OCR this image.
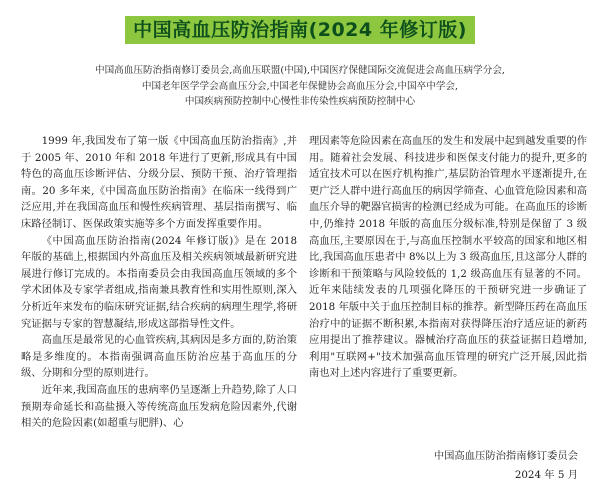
中国高血压防治指南(2024 年修订版)
中国高血压防治指南修订委员会,高血压联盟(中国),中国医疗保健国际交流促进会高血压病学分会,
中国老年医学学会高血压分会,中国老年保健协会高血压分会,中国卒中学会,
中国疾病预防控制中心慢性非传染性疾病预防控制中心

1999 年,我国发布了第一版《中国高血压防治指南》,并于 2005 年、2010 年和 2018 年进行了更新,形成具有中国特色的高血压诊断评估、分级分层、预防干预、治疗管理指南。20 多年来,《中国高血压防治指南》在临床一线得到广泛应用,并在我国高血压和慢性疾病管理、基层指南撰写、临床路径制订、医保政策实施等多个方面发挥重要作用。

《中国高血压防治指南(2024 年修订版)》是在 2018 年版的基础上,根据国内外高血压及相关疾病领域最新研究进展进行修订完成的。本指南委员会由我国高血压领域的多个学术团体及专家学者组成,指南兼具教育性和实用性原则,深入分析近年来发布的临床研究证据,结合疾病的病理生理学,将研究证据与专家的智慧凝结,形成这部指导性文件。

高血压是最常见的心血管疾病,其病因是多方面的,防治策略是多维度的。本指南强调高血压防治应基于高血压的分级、分期和分型的原则进行。

近年来,我国高血压的患病率仍呈逐渐上升趋势,除了人口预期寿命延长和高盐摄入等传统高血压发病危险因素外,代谢相关的危险因素(如超重与肥胖)、心

理因素等危险因素在高血压的发生和发展中起到越发重要的作用。随着社会发展、科技进步和医保支付能力的提升,更多的适宜技术可以在医疗机构推广,基层防治管理水平逐渐提升,在更广泛人群中进行高血压的病因学筛查、心血管危险因素和高血压介导的靶器官损害的检测已经成为可能。在高血压的诊断中,仍维持 2018 年版的高血压分级标准,特别是保留了 3 级高血压,主要原因在于,与高血压控制水平较高的国家和地区相比,我国高血压患者中 8%以上为 3 级高血压,且这部分人群的诊断和干预策略与风险较低的 1,2 级高血压有显著的不同。近年来陆续发表的几项强化降压的干预研究进一步确证了 2018 年版中关于血压控制目标的推荐。新型降压药在高血压治疗中的证据不断积累,本指南对获得降压治疗适应证的新药应用提出了推荐建议。器械治疗高血压的获益证据日趋增加,利用"互联网+"技术加强高血压管理的研究广泛开展,因此指南也对上述内容进行了重要更新。

中国高血压防治指南修订委员会
2024 年 5 月
